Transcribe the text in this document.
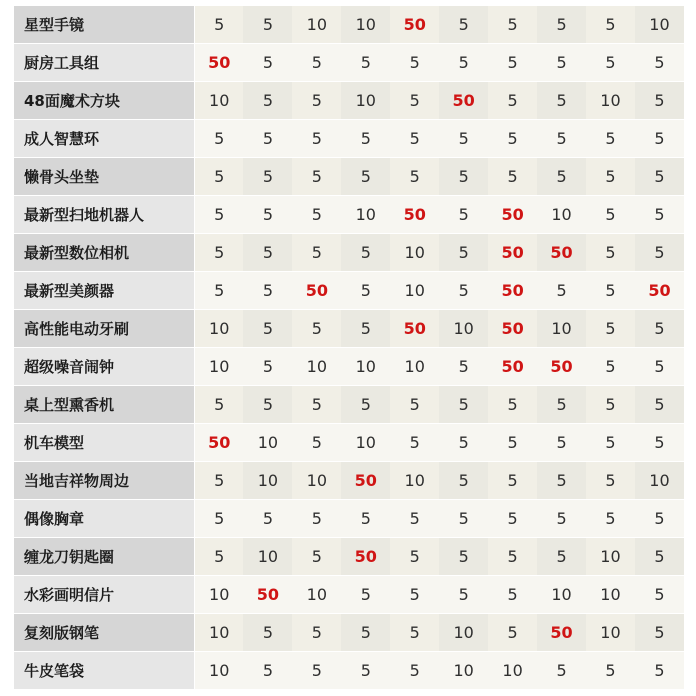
星型手镜	5	5	10	10	50	5	5	5	5	10
厨房工具组	50	5	5	5	5	5	5	5	5	5
48面魔术方块	10	5	5	10	5	50	5	5	10	5
成人智慧环	5	5	5	5	5	5	5	5	5	5
懒骨头坐垫	5	5	5	5	5	5	5	5	5	5
最新型扫地机器人	5	5	5	10	50	5	50	10	5	5
最新型数位相机	5	5	5	5	10	5	50	50	5	5
最新型美颜器	5	5	50	5	10	5	50	5	5	50
高性能电动牙刷	10	5	5	5	50	10	50	10	5	5
超级噪音闹钟	10	5	10	10	10	5	50	50	5	5
桌上型熏香机	5	5	5	5	5	5	5	5	5	5
机车模型	50	10	5	10	5	5	5	5	5	5
当地吉祥物周边	5	10	10	50	10	5	5	5	5	10
偶像胸章	5	5	5	5	5	5	5	5	5	5
缠龙刀钥匙圈	5	10	5	50	5	5	5	5	10	5
水彩画明信片	10	50	10	5	5	5	5	10	10	5
复刻版钢笔	10	5	5	5	5	10	5	50	10	5
牛皮笔袋	10	5	5	5	5	10	10	5	5	5
